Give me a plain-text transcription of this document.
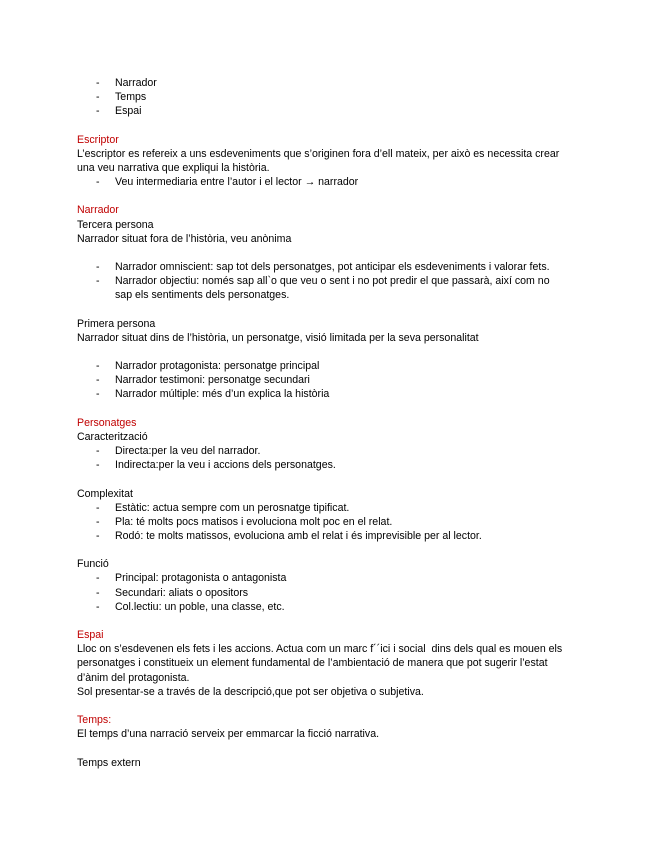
- Narrador
- Temps
- Espai
Escriptor
L’escriptor es refereix a uns esdeveniments que s’originen fora d’ell mateix, per això es necessita crear
una veu narrativa que expliqui la història.
- Veu intermediaria entre l’autor i el lector → narrador
Narrador
Tercera persona
Narrador situat fora de l’història, veu anònima
- Narrador omniscient: sap tot dels personatges, pot anticipar els esdeveniments i valorar fets.
- Narrador objectiu: només sap all`o que veu o sent i no pot predir el que passarà, així com no
sap els sentiments dels personatges.
Primera persona
Narrador situat dins de l’història, un personatge, visió limitada per la seva personalitat
- Narrador protagonista: personatge principal
- Narrador testimoni: personatge secundari
- Narrador múltiple: més d’un explica la història
Personatges
Caracterització
- Directa:per la veu del narrador.
- Indirecta:per la veu i accions dels personatges.
Complexitat
- Estàtic: actua sempre com un perosnatge tipificat.
- Pla: té molts pocs matisos i evoluciona molt poc en el relat.
- Rodó: te molts matissos, evoluciona amb el relat i és imprevisible per al lector.
Funció
- Principal: protagonista o antagonista
- Secundari: aliats o opositors
- Col.lectiu: un poble, una classe, etc.
Espai
Lloc on s’esdevenen els fets i les accions. Actua com un marc f´´ici i social  dins dels qual es mouen els
personatges i constitueix un element fundamental de l’ambientació de manera que pot sugerir l’estat
d’ànim del protagonista.
Sol presentar-se a través de la descripció,que pot ser objetiva o subjetiva.
Temps:
El temps d’una narració serveix per emmarcar la ficció narrativa.
Temps extern
